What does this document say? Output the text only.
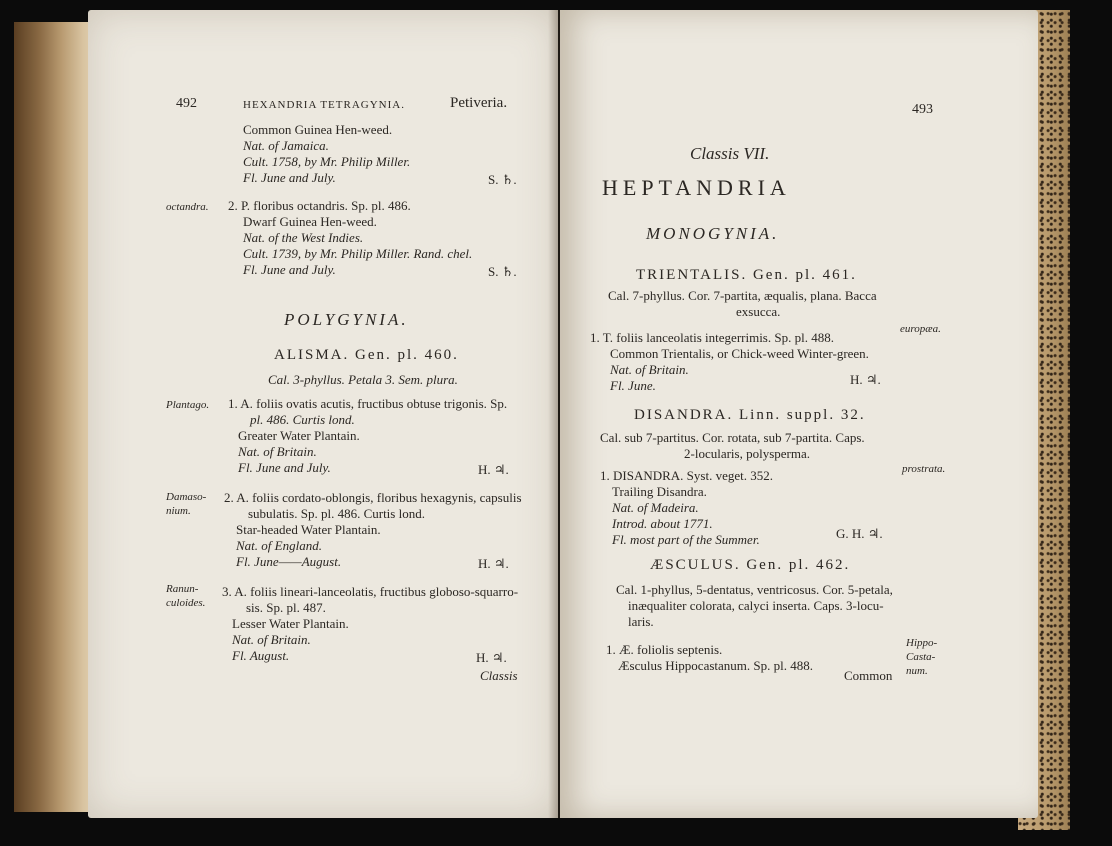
492	HEXANDRIA TETRAGYNIA.	Petiveria.
Common Guinea Hen-weed.
Nat. of Jamaica.
Cult. 1758, by Mr. Philip Miller.
Fl. June and July.	S. ♄.
octandra. 2. P. floribus octandris. Sp. pl. 486.
Dwarf Guinea Hen-weed.
Nat. of the West Indies.
Cult. 1739, by Mr. Philip Miller. Rand. chel.
Fl. June and July.	S. ♄.
POLYGYNIA.
ALISMA. Gen. pl. 460.
Cal. 3-phyllus. Petala 3. Sem. plura.
Plantago. 1. A. foliis ovatis acutis, fructibus obtuse trigonis. Sp.
pl. 486. Curtis lond.
Greater Water Plantain.
Nat. of Britain.
Fl. June and July.	H. ♃.
Damaso-
nium.
2. A. foliis cordato-oblongis, floribus hexagynis, capsulis
subulatis. Sp. pl. 486. Curtis lond.
Star-headed Water Plantain.
Nat. of England.
Fl. June——August.	H. ♃.
Ranun-
culoides.
3. A. foliis lineari-lanceolatis, fructibus globoso-squarro-
sis. Sp. pl. 487.
Lesser Water Plantain.
Nat. of Britain.
Fl. August.	H. ♃.
Classis
493
Classis VII.
HEPTANDRIA
MONOGYNIA.
TRIENTALIS. Gen. pl. 461.
Cal. 7-phyllus. Cor. 7-partita, æqualis, plana. Bacca
exsucca.
1. T. foliis lanceolatis integerrimis. Sp. pl. 488.
europæa.
Common Trientalis, or Chick-weed Winter-green.
Nat. of Britain.
Fl. June.	H. ♃.
DISANDRA. Linn. suppl. 32.
Cal. sub 7-partitus. Cor. rotata, sub 7-partita. Caps.
2-locularis, polysperma.
1. DISANDRA. Syst. veget. 352.	prostrata.
Trailing Disandra.
Nat. of Madeira.
Introd. about 1771.
Fl. most part of the Summer.	G. H. ♃.
ÆSCULUS. Gen. pl. 462.
Cal. 1-phyllus, 5-dentatus, ventricosus. Cor. 5-petala,
inæqualiter colorata, calyci inserta. Caps. 3-locu-
laris.
1. Æ. foliolis septenis.	Hippo-
Casta-
num.
Æsculus Hippocastanum. Sp. pl. 488.
Common
